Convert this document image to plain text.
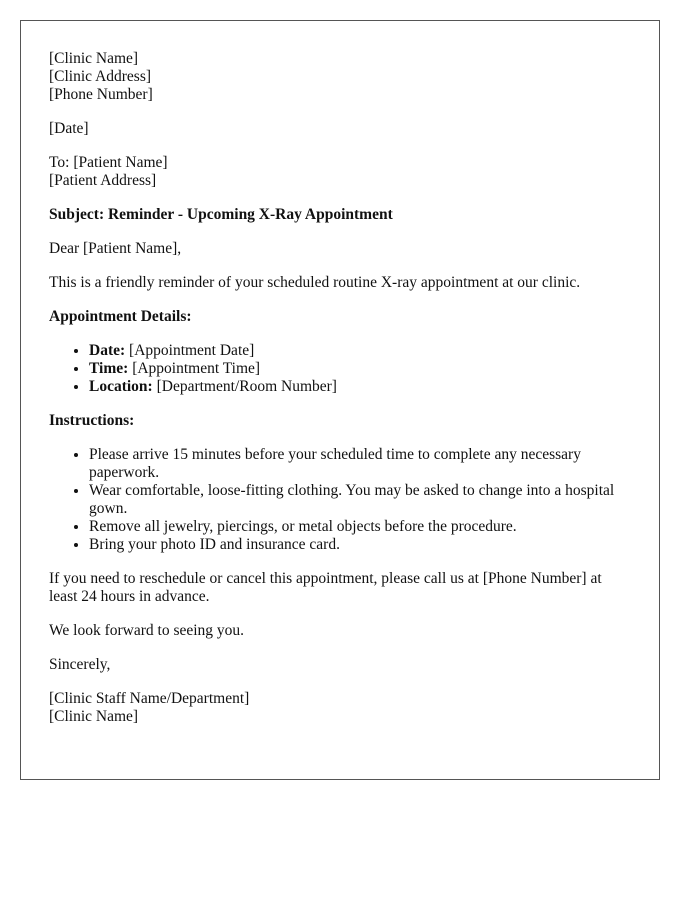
[Clinic Name]
[Clinic Address]
[Phone Number]
[Date]
To: [Patient Name]
[Patient Address]
Subject: Reminder - Upcoming X-Ray Appointment
Dear [Patient Name],
This is a friendly reminder of your scheduled routine X-ray appointment at our clinic.
Appointment Details:
• Date: [Appointment Date]
• Time: [Appointment Time]
• Location: [Department/Room Number]
Instructions:
• Please arrive 15 minutes before your scheduled time to complete any necessary paperwork.
• Wear comfortable, loose-fitting clothing. You may be asked to change into a hospital gown.
• Remove all jewelry, piercings, or metal objects before the procedure.
• Bring your photo ID and insurance card.
If you need to reschedule or cancel this appointment, please call us at [Phone Number] at least 24 hours in advance.
We look forward to seeing you.
Sincerely,
[Clinic Staff Name/Department]
[Clinic Name]
